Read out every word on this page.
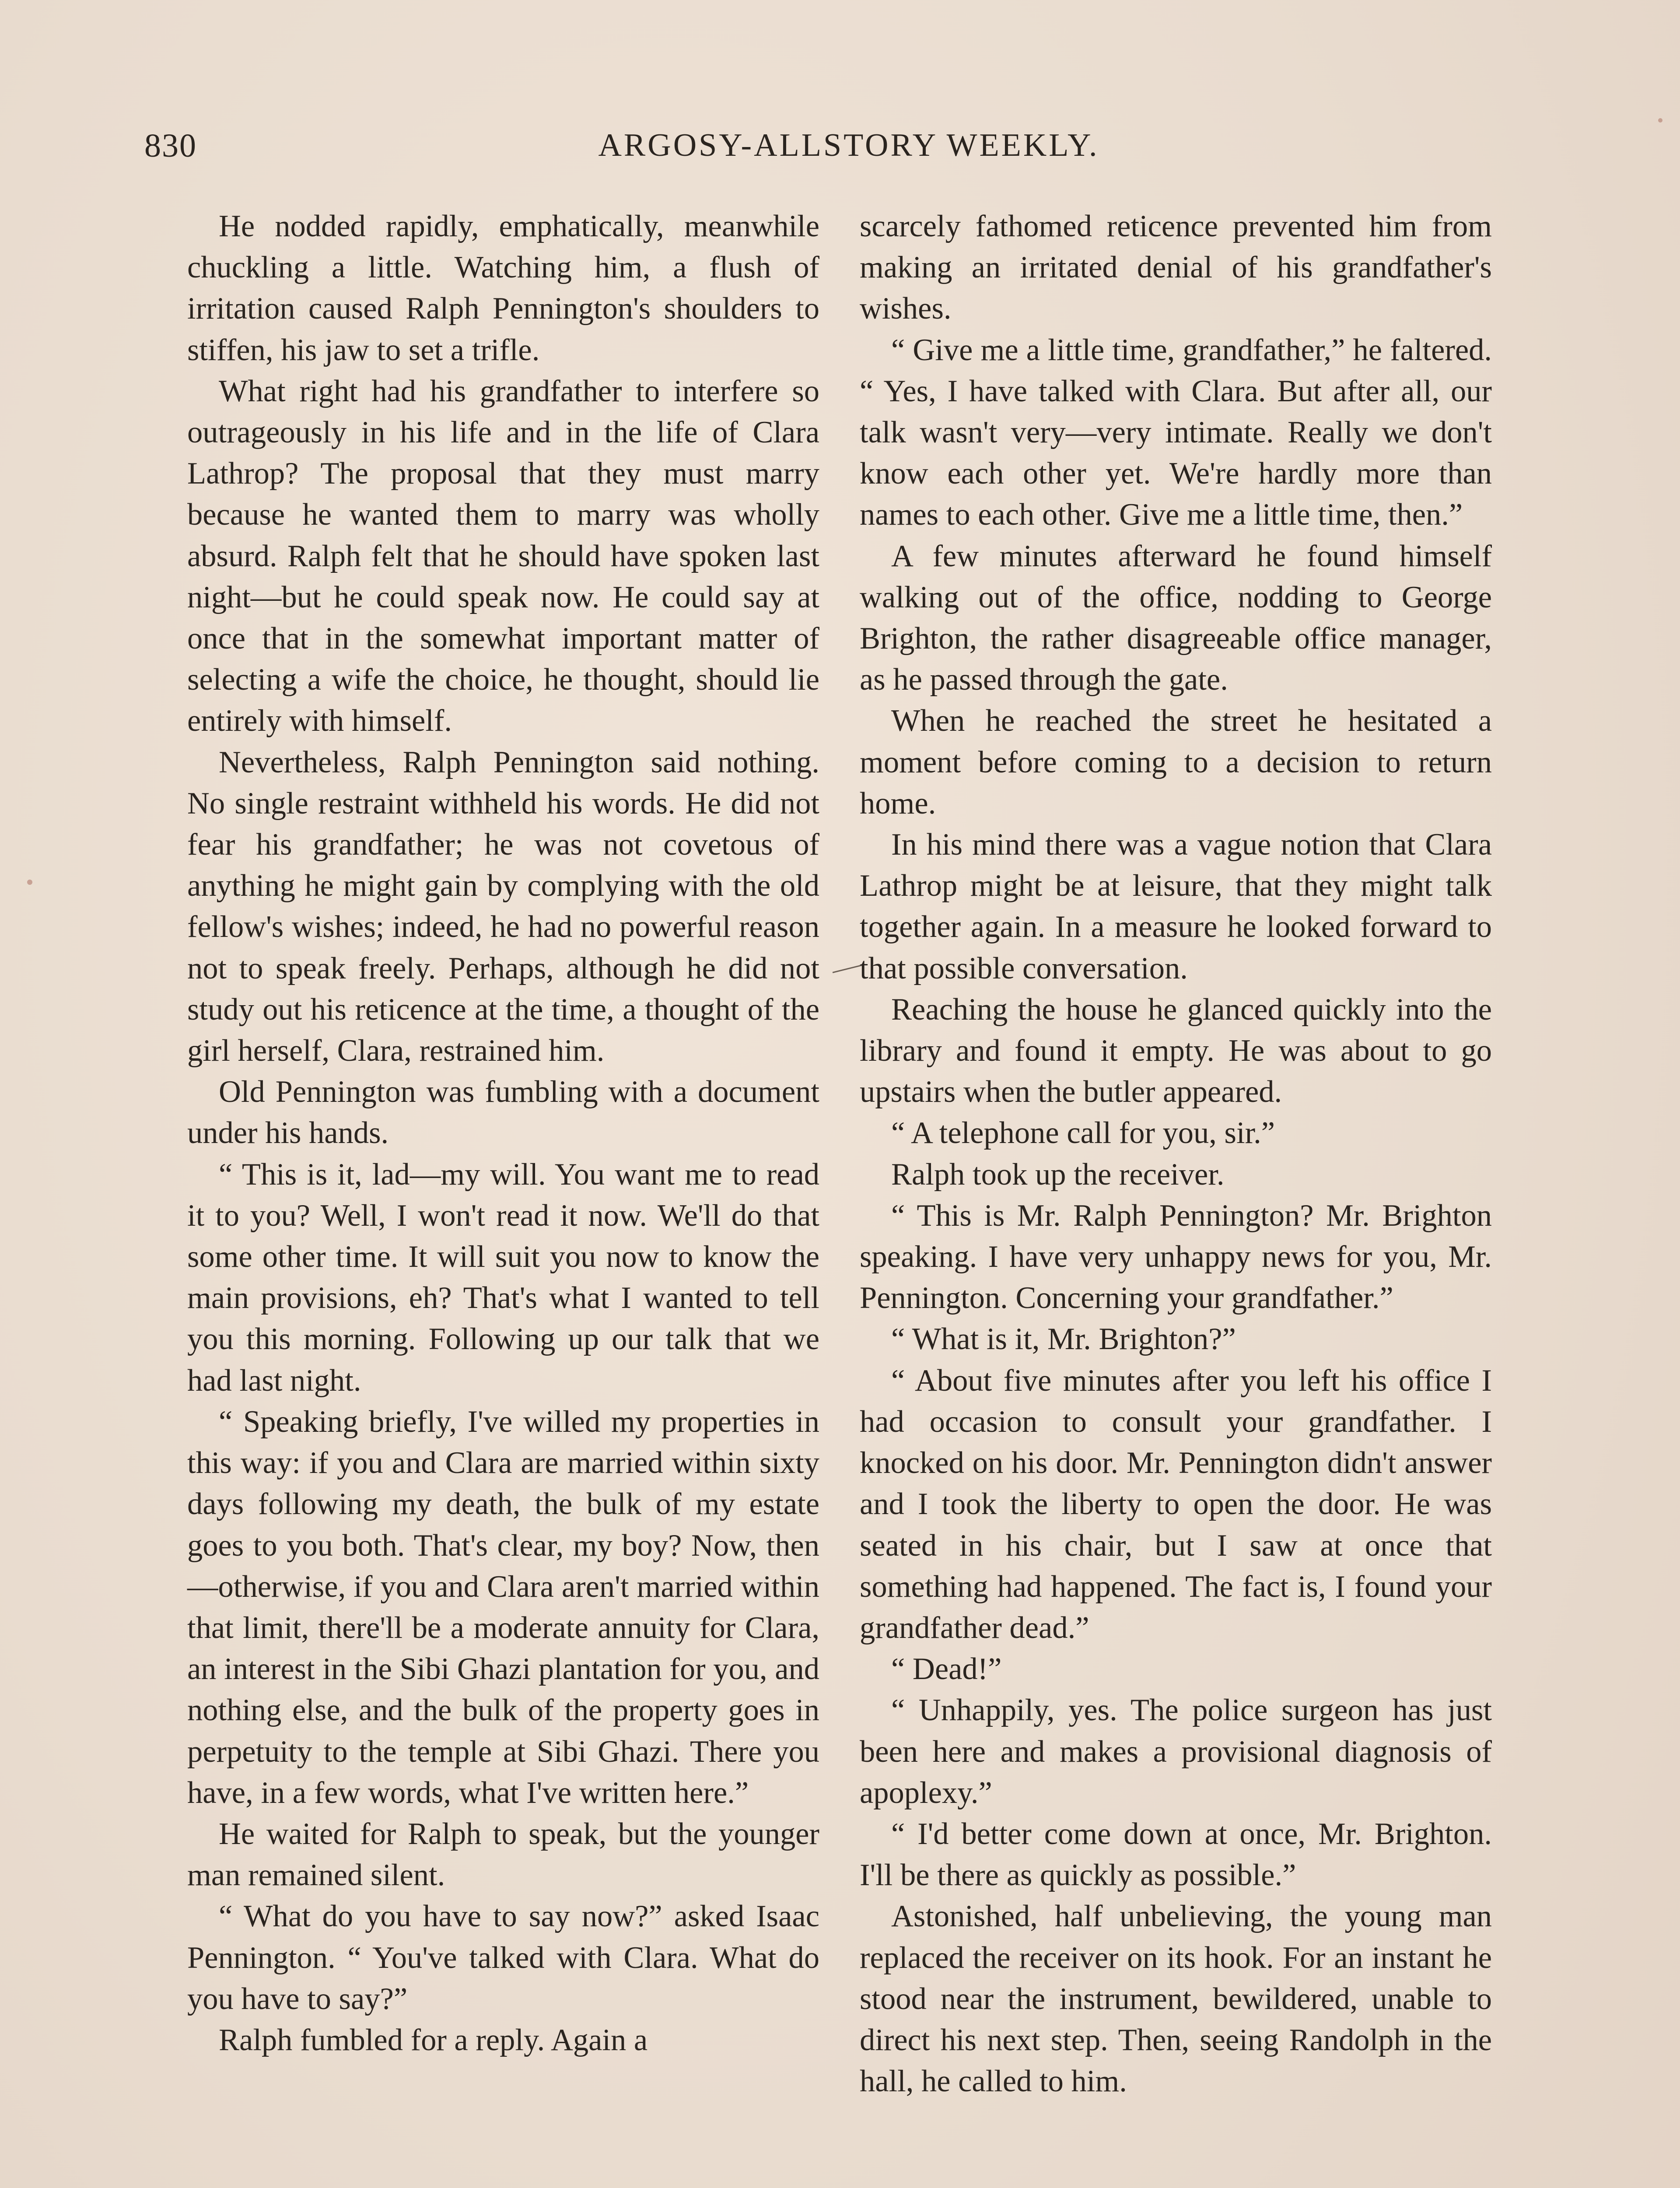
830	ARGOSY-ALLSTORY WEEKLY.

He nodded rapidly, emphatically, meanwhile chuckling a little. Watching him, a flush of irritation caused Ralph Pennington's shoulders to stiffen, his jaw to set a trifle.

What right had his grandfather to interfere so outrageously in his life and in the life of Clara Lathrop? The proposal that they must marry because he wanted them to marry was wholly absurd. Ralph felt that he should have spoken last night—but he could speak now. He could say at once that in the somewhat important matter of selecting a wife the choice, he thought, should lie entirely with himself.

Nevertheless, Ralph Pennington said nothing. No single restraint withheld his words. He did not fear his grandfather; he was not covetous of anything he might gain by complying with the old fellow's wishes; indeed, he had no powerful reason not to speak freely. Perhaps, although he did not study out his reticence at the time, a thought of the girl herself, Clara, restrained him.

Old Pennington was fumbling with a document under his hands.

“ This is it, lad—my will. You want me to read it to you? Well, I won't read it now. We'll do that some other time. It will suit you now to know the main provisions, eh? That's what I wanted to tell you this morning. Following up our talk that we had last night.

“ Speaking briefly, I've willed my properties in this way: if you and Clara are married within sixty days following my death, the bulk of my estate goes to you both. That's clear, my boy? Now, then —otherwise, if you and Clara aren't married within that limit, there'll be a moderate annuity for Clara, an interest in the Sibi Ghazi plantation for you, and nothing else, and the bulk of the property goes in perpetuity to the temple at Sibi Ghazi. There you have, in a few words, what I've written here.”

He waited for Ralph to speak, but the younger man remained silent.

“ What do you have to say now?” asked Isaac Pennington. “ You've talked with Clara. What do you have to say?”

Ralph fumbled for a reply. Again a

scarcely fathomed reticence prevented him from making an irritated denial of his grandfather's wishes.

“ Give me a little time, grandfather,” he faltered. “ Yes, I have talked with Clara. But after all, our talk wasn't very—very intimate. Really we don't know each other yet. We're hardly more than names to each other. Give me a little time, then.”

A few minutes afterward he found himself walking out of the office, nodding to George Brighton, the rather disagreeable office manager, as he passed through the gate.

When he reached the street he hesitated a moment before coming to a decision to return home.

In his mind there was a vague notion that Clara Lathrop might be at leisure, that they might talk together again. In a measure he looked forward to that possible conversation.

Reaching the house he glanced quickly into the library and found it empty. He was about to go upstairs when the butler appeared.

“ A telephone call for you, sir.”

Ralph took up the receiver.

“ This is Mr. Ralph Pennington? Mr. Brighton speaking. I have very unhappy news for you, Mr. Pennington. Concerning your grandfather.”

“ What is it, Mr. Brighton?”

“ About five minutes after you left his office I had occasion to consult your grandfather. I knocked on his door. Mr. Pennington didn't answer and I took the liberty to open the door. He was seated in his chair, but I saw at once that something had happened. The fact is, I found your grandfather dead.”

“ Dead!”

“ Unhappily, yes. The police surgeon has just been here and makes a provisional diagnosis of apoplexy.”

“ I'd better come down at once, Mr. Brighton. I'll be there as quickly as possible.”

Astonished, half unbelieving, the young man replaced the receiver on its hook. For an instant he stood near the instrument, bewildered, unable to direct his next step. Then, seeing Randolph in the hall, he called to him.
